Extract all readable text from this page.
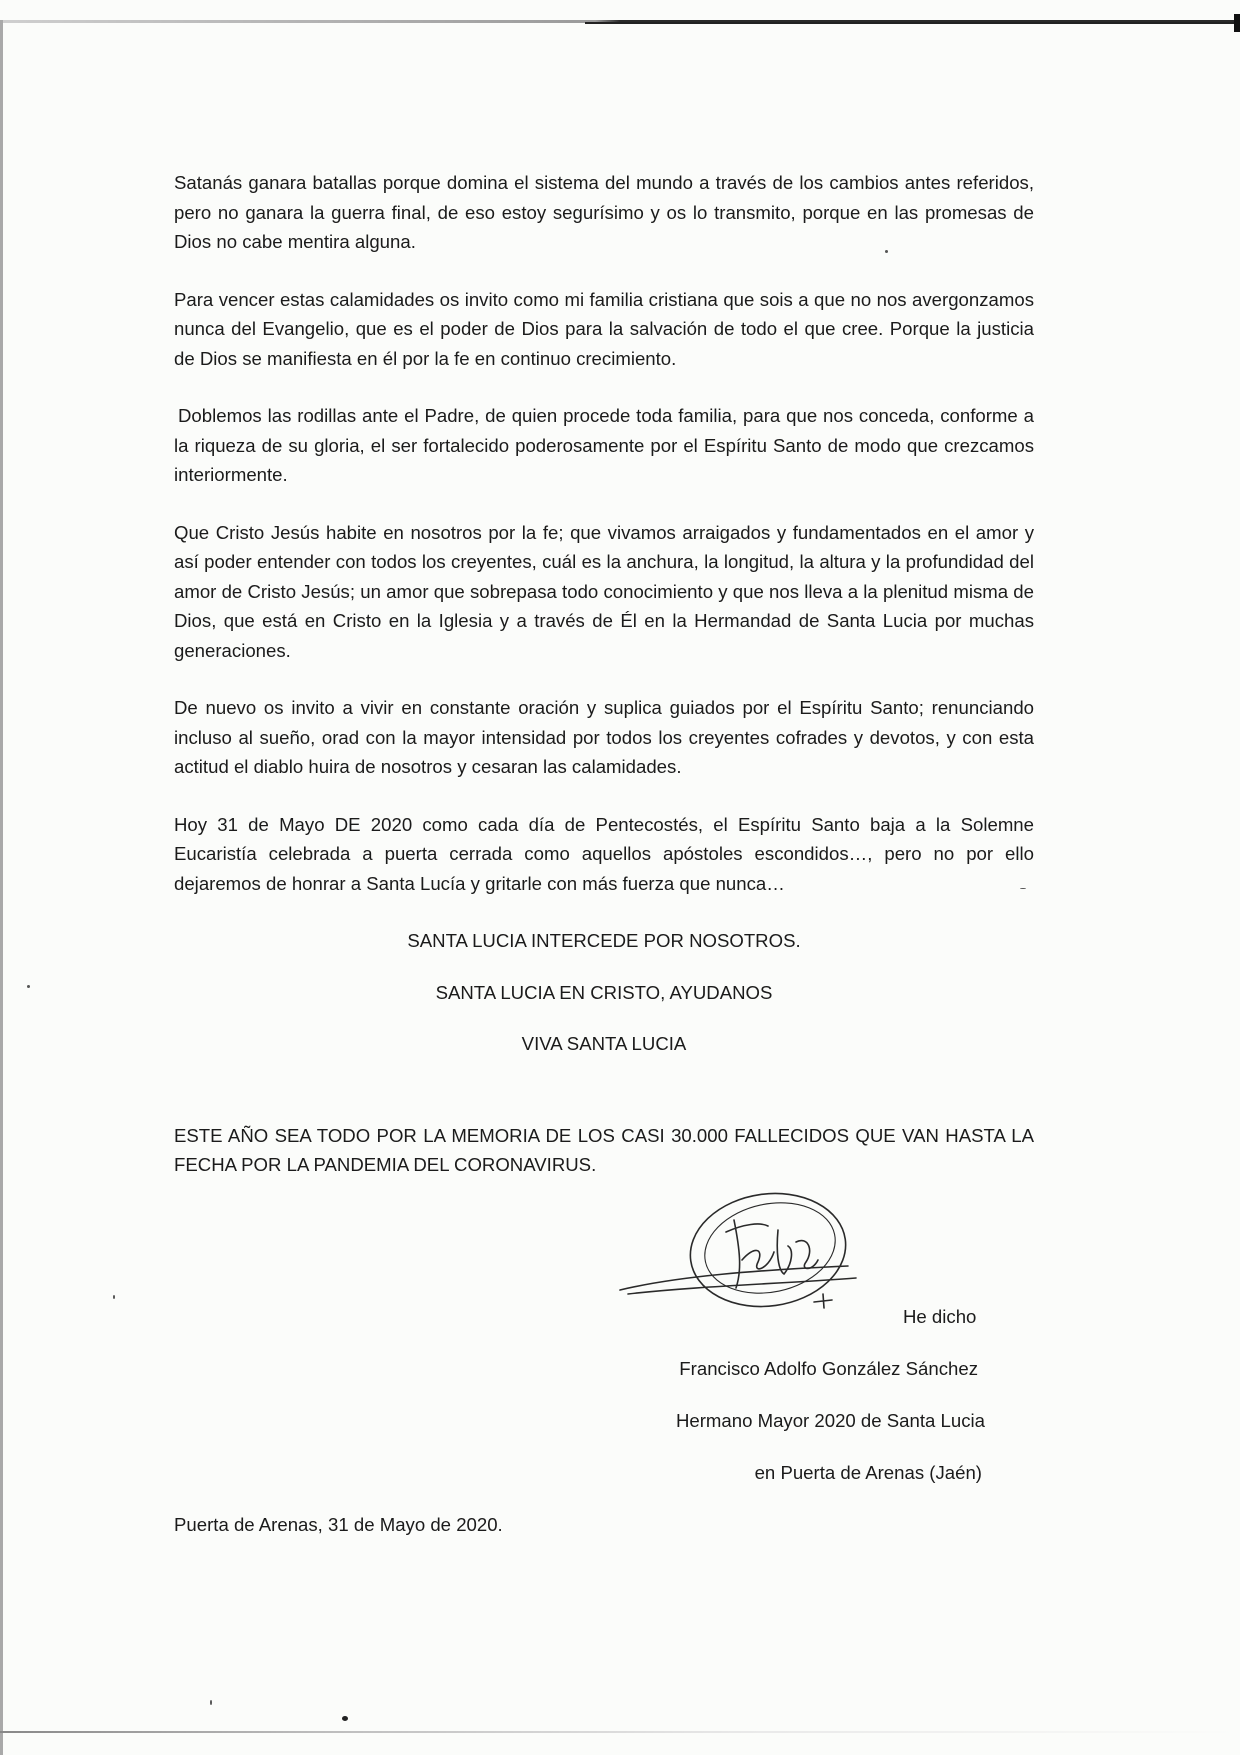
Satanás ganara batallas porque domina el sistema del mundo a través de los cambios antes referidos, pero no ganara la guerra final, de eso estoy segurísimo y os lo transmito, porque en las promesas de Dios no cabe mentira alguna.

Para vencer estas calamidades os invito como mi familia cristiana que sois a que no nos avergonzamos nunca del Evangelio, que es el poder de Dios para la salvación de todo el que cree. Porque la justicia de Dios se manifiesta en él por la fe en continuo crecimiento.

Doblemos las rodillas ante el Padre, de quien procede toda familia, para que nos conceda, conforme a la riqueza de su gloria, el ser fortalecido poderosamente por el Espíritu Santo de modo que crezcamos interiormente.

Que Cristo Jesús habite en nosotros por la fe; que vivamos arraigados y fundamentados en el amor y así poder entender con todos los creyentes, cuál es la anchura, la longitud, la altura y la profundidad del amor de Cristo Jesús; un amor que sobrepasa todo conocimiento y que nos lleva a la plenitud misma de Dios, que está en Cristo en la Iglesia y a través de Él en la Hermandad de Santa Lucia por muchas generaciones.

De nuevo os invito a vivir en constante oración y suplica guiados por el Espíritu Santo; renunciando incluso al sueño, orad con la mayor intensidad por todos los creyentes cofrades y devotos, y con esta actitud el diablo huira de nosotros y cesaran las calamidades.

Hoy 31 de Mayo DE 2020 como cada día de Pentecostés, el Espíritu Santo baja a la Solemne Eucaristía celebrada a puerta cerrada como aquellos apóstoles escondidos…, pero no por ello dejaremos de honrar a Santa Lucía y gritarle con más fuerza que nunca…

SANTA LUCIA INTERCEDE POR NOSOTROS.

SANTA LUCIA EN CRISTO, AYUDANOS

VIVA SANTA LUCIA

ESTE AÑO SEA TODO POR LA MEMORIA DE LOS CASI 30.000 FALLECIDOS QUE VAN HASTA LA FECHA POR LA PANDEMIA DEL CORONAVIRUS.

He dicho
Francisco Adolfo González Sánchez
Hermano Mayor 2020 de Santa Lucia
en Puerta de Arenas (Jaén)
Puerta de Arenas, 31 de Mayo de 2020.
